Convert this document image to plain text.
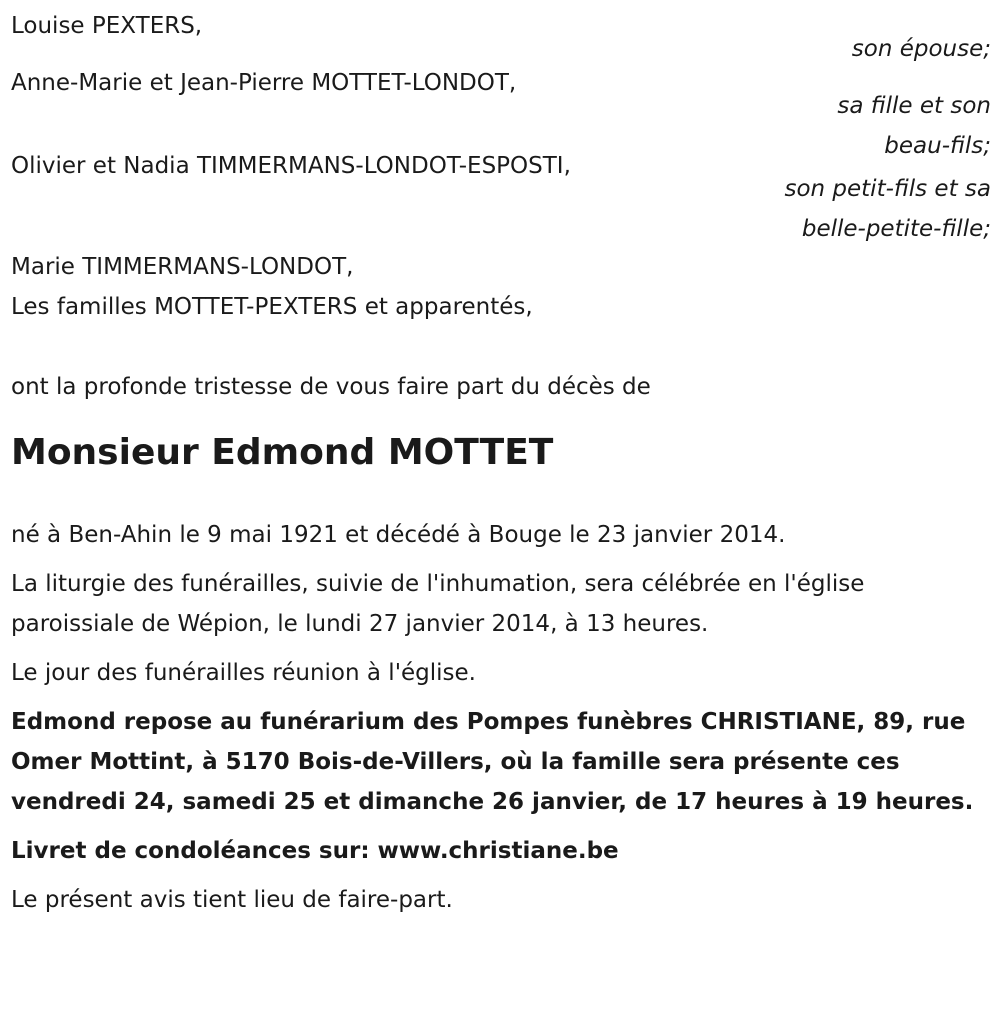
Louise PEXTERS,
son épouse;
Anne-Marie et Jean-Pierre MOTTET-LONDOT,
sa fille et son
beau-fils;
Olivier et Nadia TIMMERMANS-LONDOT-ESPOSTI,
son petit-fils et sa
belle-petite-fille;
Marie TIMMERMANS-LONDOT,
Les familles MOTTET-PEXTERS et apparentés,
ont la profonde tristesse de vous faire part du décès de
Monsieur Edmond MOTTET

né à Ben-Ahin le 9 mai 1921 et décédé à Bouge le 23 janvier 2014.

La liturgie des funérailles, suivie de l'inhumation, sera célébrée en l'église paroissiale de Wépion, le lundi 27 janvier 2014, à 13 heures.

Le jour des funérailles réunion à l'église.

Edmond repose au funérarium des Pompes funèbres CHRISTIANE, 89, rue Omer Mottint, à 5170 Bois-de-Villers, où la famille sera présente ces vendredi 24, samedi 25 et dimanche 26 janvier, de 17 heures à 19 heures.

Livret de condoléances sur: www.christiane.be

Le présent avis tient lieu de faire-part.
